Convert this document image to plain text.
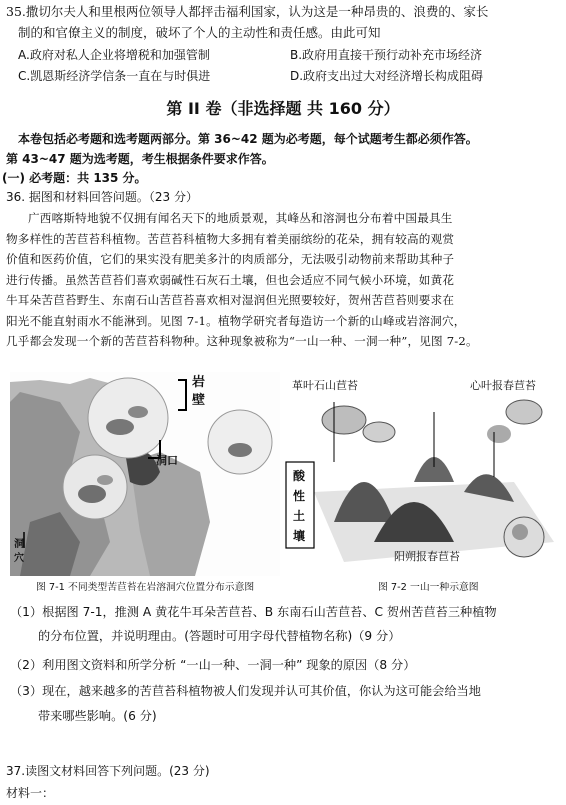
35.撒切尔夫人和里根两位领导人都抨击福利国家，认为这是一种昂贵的、浪费的、家长
制的和官僚主义的制度，破坏了个人的主动性和责任感。由此可知
A.政府对私人企业将增税和加强管制	B.政府用直接干预行动补充市场经济
C.凯恩斯经济学信条一直在与时俱进	D.政府支出过大对经济增长构成阻碍
第 II 卷（非选择题 共 160 分）
本卷包括必考题和选考题两部分。第 36~42 题为必考题，每个试题考生都必须作答。
第 43~47 题为选考题，考生根据条件要求作答。
(一) 必考题：共 135 分。
36. 据图和材料回答问题。（23 分）

广西喀斯特地貌不仅拥有闻名天下的地质景观，其峰丛和溶洞也分布着中国最具生

物多样性的苦苣苔科植物。苦苣苔科植物大多拥有着美丽缤纷的花朵，拥有较高的观赏

价值和医药价值，它们的果实没有肥美多汁的肉质部分，无法吸引动物前来帮助其种子

进行传播。虽然苦苣苔们喜欢弱碱性石灰石土壤，但也会适应不同气候小环境，如黄花

牛耳朵苦苣苔野生、东南石山苦苣苔喜欢相对湿润但光照要较好，贺州苦苣苔则要求在

阳光不能直射雨水不能淋到。见图 7-1。植物学研究者每造访一个新的山峰或岩溶洞穴，

几乎都会发现一个新的苦苣苔科物种。这种现象被称为“一山一种、一洞一种”，见图 7-2。

岩壁
洞口
洞穴
图 7-1 不同类型苦苣苔在岩溶洞穴位置分布示意图
革叶石山苣苔	心叶报春苣苔
酸性土壤
阳朔报春苣苔
图 7-2 一山一种示意图
（1）根据图 7-1，推测 A 黄花牛耳朵苦苣苔、B 东南石山苦苣苔、C 贺州苦苣苔三种植物
的分布位置，并说明理由。(答题时可用字母代替植物名称)（9 分）
（2）利用图文资料和所学分析 “一山一种、一洞一种” 现象的原因（8 分）
（3）现在，越来越多的苦苣苔科植物被人们发现并认可其价值，你认为这可能会给当地
带来哪些影响。(6 分)
37.读图文材料回答下列问题。(23 分)
材料一：
